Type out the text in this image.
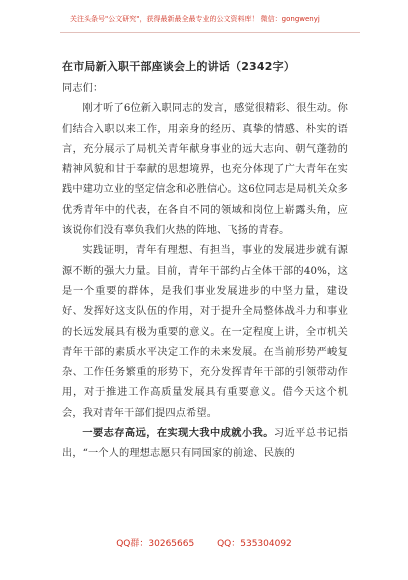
关注头条号"公文研究"，获得最新最全最专业的公文资料库！ 微信：gongwenyj
在市局新入职干部座谈会上的讲话（2342字）

同志们：

刚才听了6位新入职同志的发言，感觉很精彩、很生动。你们结合入职以来工作，用亲身的经历、真挚的情感、朴实的语言，充分展示了局机关青年献身事业的远大志向、朝气蓬勃的精神风貌和甘于奉献的思想境界，也充分体现了广大青年在实践中建功立业的坚定信念和必胜信心。这6位同志是局机关众多优秀青年中的代表，在各自不同的领域和岗位上崭露头角，应该说你们没有辜负我们火热的阵地、飞扬的青春。

实践证明，青年有理想、有担当，事业的发展进步就有源源不断的强大力量。目前，青年干部约占全体干部的40%，这是一个重要的群体，是我们事业发展进步的中坚力量，建设好、发挥好这支队伍的作用，对于提升全局整体战斗力和事业的长远发展具有极为重要的意义。在一定程度上讲，全市机关青年干部的素质水平决定工作的未来发展。在当前形势严峻复杂、工作任务繁重的形势下，充分发挥青年干部的引领带动作用，对于推进工作高质量发展具有重要意义。借今天这个机会，我对青年干部们提四点希望。

一要志存高远，在实现大我中成就小我。习近平总书记指出，“一个人的理想志愿只有同国家的前途、民族的

QQ群：30265665	QQ：535304092
